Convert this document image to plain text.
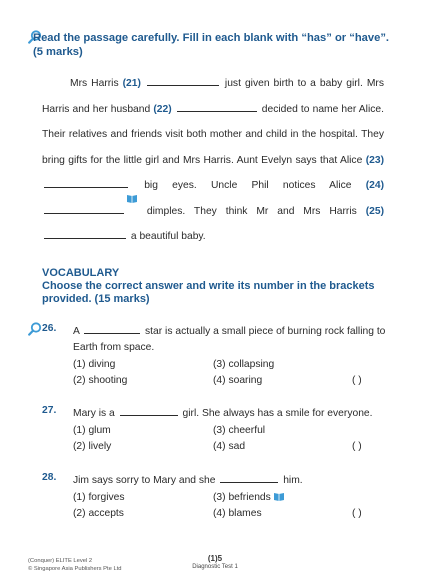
Read the passage carefully. Fill in each blank with “has” or “have”.
(5 marks)
Mrs Harris (21)	just given birth to a baby girl. Mrs Harris and her husband (22)	decided to name her Alice. Their relatives and friends visit both mother and child in the hospital. They bring gifts for the little girl and Mrs Harris. Aunt Evelyn says that Alice (23)  big eyes. Uncle Phil notices Alice (24)
dimples. They think Mr and Mrs Harris (25)  a beautiful baby.
VOCABULARY
Choose the correct answer and write its number in the brackets provided. (15 marks)
26. A	star is actually a small piece of burning rock falling to Earth from space.
(1) diving
(2) shooting
(3) collapsing
(4) soaring	( )
27. Mary is a	girl. She always has a smile for everyone.
(1) glum
(2) lively
(3) cheerful
(4) sad	( )
28. Jim says sorry to Mary and she	him.
(1) forgives
(2) accepts
(3) befriends
(4) blames	( )
(Conquer) ELITE Level 2
© Singapore Asia Publishers Pte Ltd
(1)5
Diagnostic Test 1
